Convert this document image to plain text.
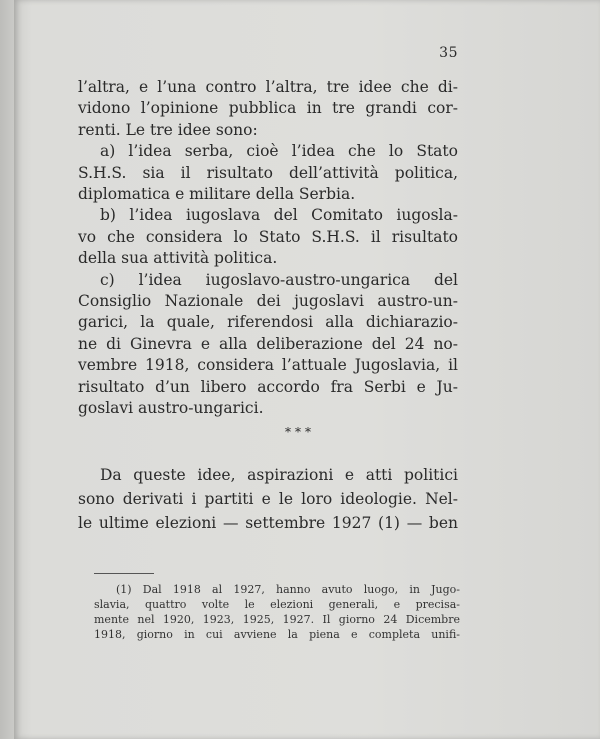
35
l’altra, e l’una contro l’altra, tre idee che di-
vidono l’opinione pubblica in tre grandi cor-
renti. Le tre idee sono:
a) l’idea serba, cioè l’idea che lo Stato
S.H.S. sia il risultato dell’attività politica,
diplomatica e militare della Serbia.
b) l’idea iugoslava del Comitato iugosla-
vo che considera lo Stato S.H.S. il risultato
della sua attività politica.
c) l’idea iugoslavo-austro-ungarica del
Consiglio Nazionale dei jugoslavi austro-un-
garici, la quale, riferendosi alla dichiarazio-
ne di Ginevra e alla deliberazione del 24 no-
vembre 1918, considera l’attuale Jugoslavia, il
risultato d’un libero accordo fra Serbi e Ju-
goslavi austro-ungarici.
***
Da queste idee, aspirazioni e atti politici
sono derivati i partiti e le loro ideologie. Nel-
le ultime elezioni — settembre 1927 (1) — ben
(1) Dal 1918 al 1927, hanno avuto luogo, in Jugo-
slavia, quattro volte le elezioni generali, e precisa-
mente nel 1920, 1923, 1925, 1927. Il giorno 24 Dicembre
1918, giorno in cui avviene la piena e completa unifi-
